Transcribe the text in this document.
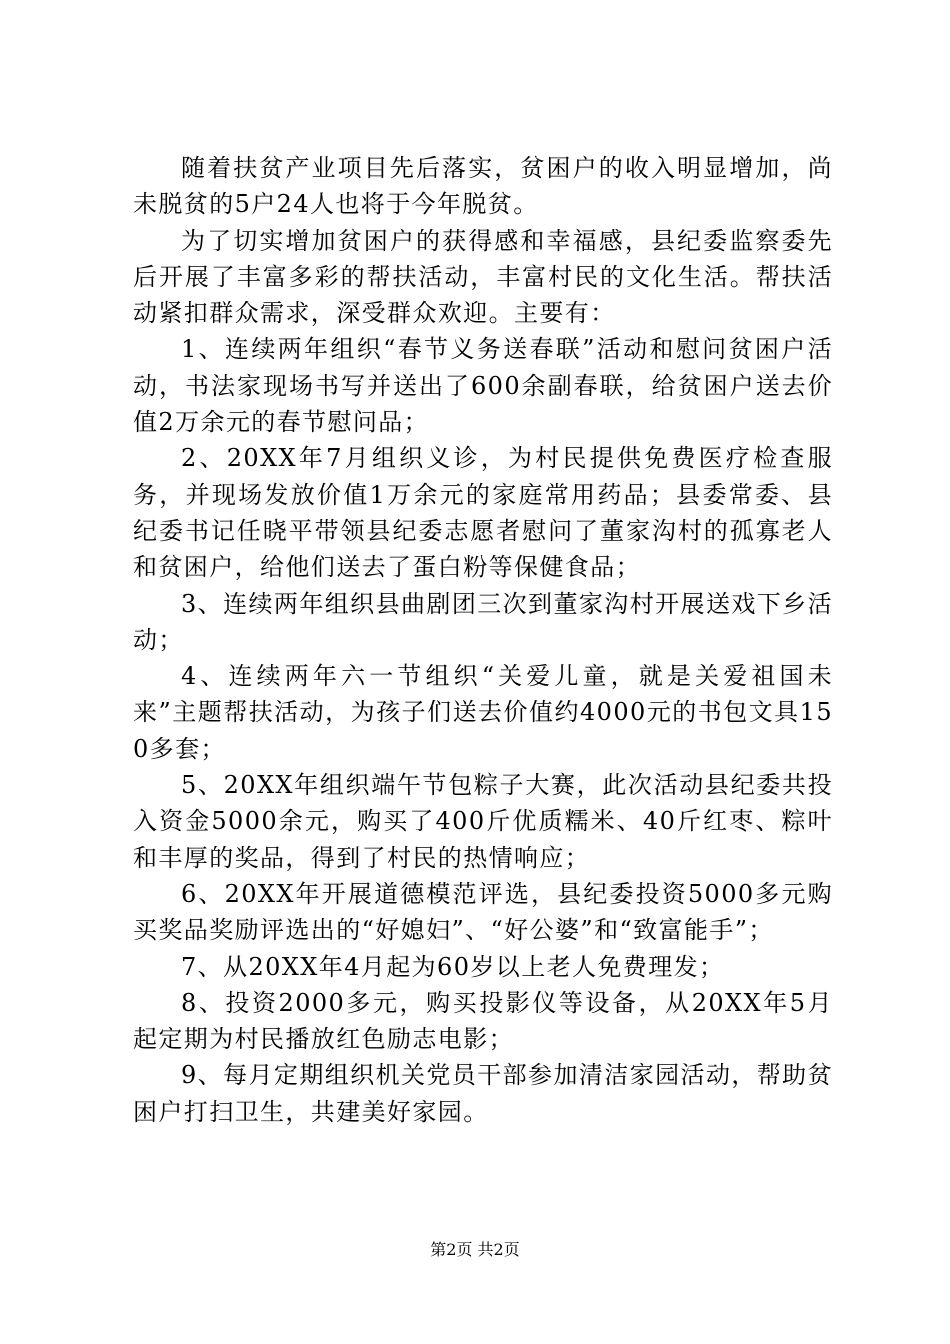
随着扶贫产业项目先后落实，贫困户的收入明显增加，尚未脱贫的5户24人也将于今年脱贫。

为了切实增加贫困户的获得感和幸福感，县纪委监察委先后开展了丰富多彩的帮扶活动，丰富村民的文化生活。帮扶活动紧扣群众需求，深受群众欢迎。主要有：

1、连续两年组织“春节义务送春联”活动和慰问贫困户活动，书法家现场书写并送出了600余副春联，给贫困户送去价值2万余元的春节慰问品；

2、20XX年7月组织义诊，为村民提供免费医疗检查服务，并现场发放价值1万余元的家庭常用药品；县委常委、县纪委书记任晓平带领县纪委志愿者慰问了董家沟村的孤寡老人和贫困户，给他们送去了蛋白粉等保健食品；

3、连续两年组织县曲剧团三次到董家沟村开展送戏下乡活动；

4、连续两年六一节组织“关爱儿童，就是关爱祖国未来”主题帮扶活动，为孩子们送去价值约4000元的书包文具150多套；

5、20XX年组织端午节包粽子大赛，此次活动县纪委共投入资金5000余元，购买了400斤优质糯米、40斤红枣、粽叶和丰厚的奖品，得到了村民的热情响应；

6、20XX年开展道德模范评选，县纪委投资5000多元购买奖品奖励评选出的“好媳妇”、“好公婆”和“致富能手”；

7、从20XX年4月起为60岁以上老人免费理发；

8、投资2000多元，购买投影仪等设备，从20XX年5月起定期为村民播放红色励志电影；

9、每月定期组织机关党员干部参加清洁家园活动，帮助贫困户打扫卫生，共建美好家园。

第2页 共2页
